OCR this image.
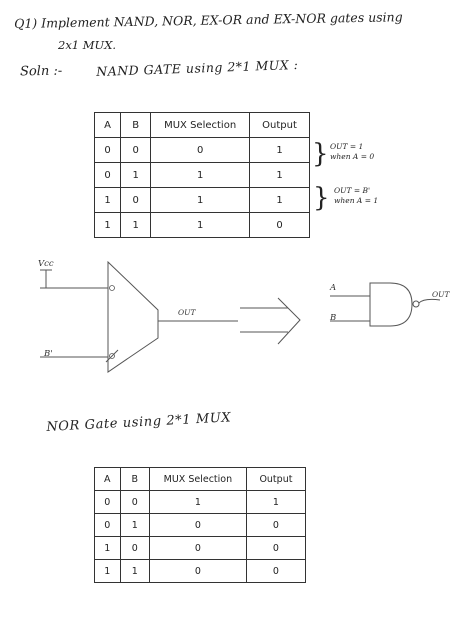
Q1) Implement NAND, NOR, EX-OR and EX-NOR gates using
2x1 MUX.
Soln :-	NAND GATE using 2*1 MUX :
A	B	MUX Selection	Output
0	0	0	1
0	1	1	1
1	0	1	1
1	1	1	0
} OUT = 1
when A = 0
} OUT = B'
when A = 1
Vcc
B'
OUT
A
B
OUT
NOR Gate using 2*1 MUX
A	B	MUX Selection	Output
0	0	1	1
0	1	0	0
1	0	0	0
1	1	0	0
